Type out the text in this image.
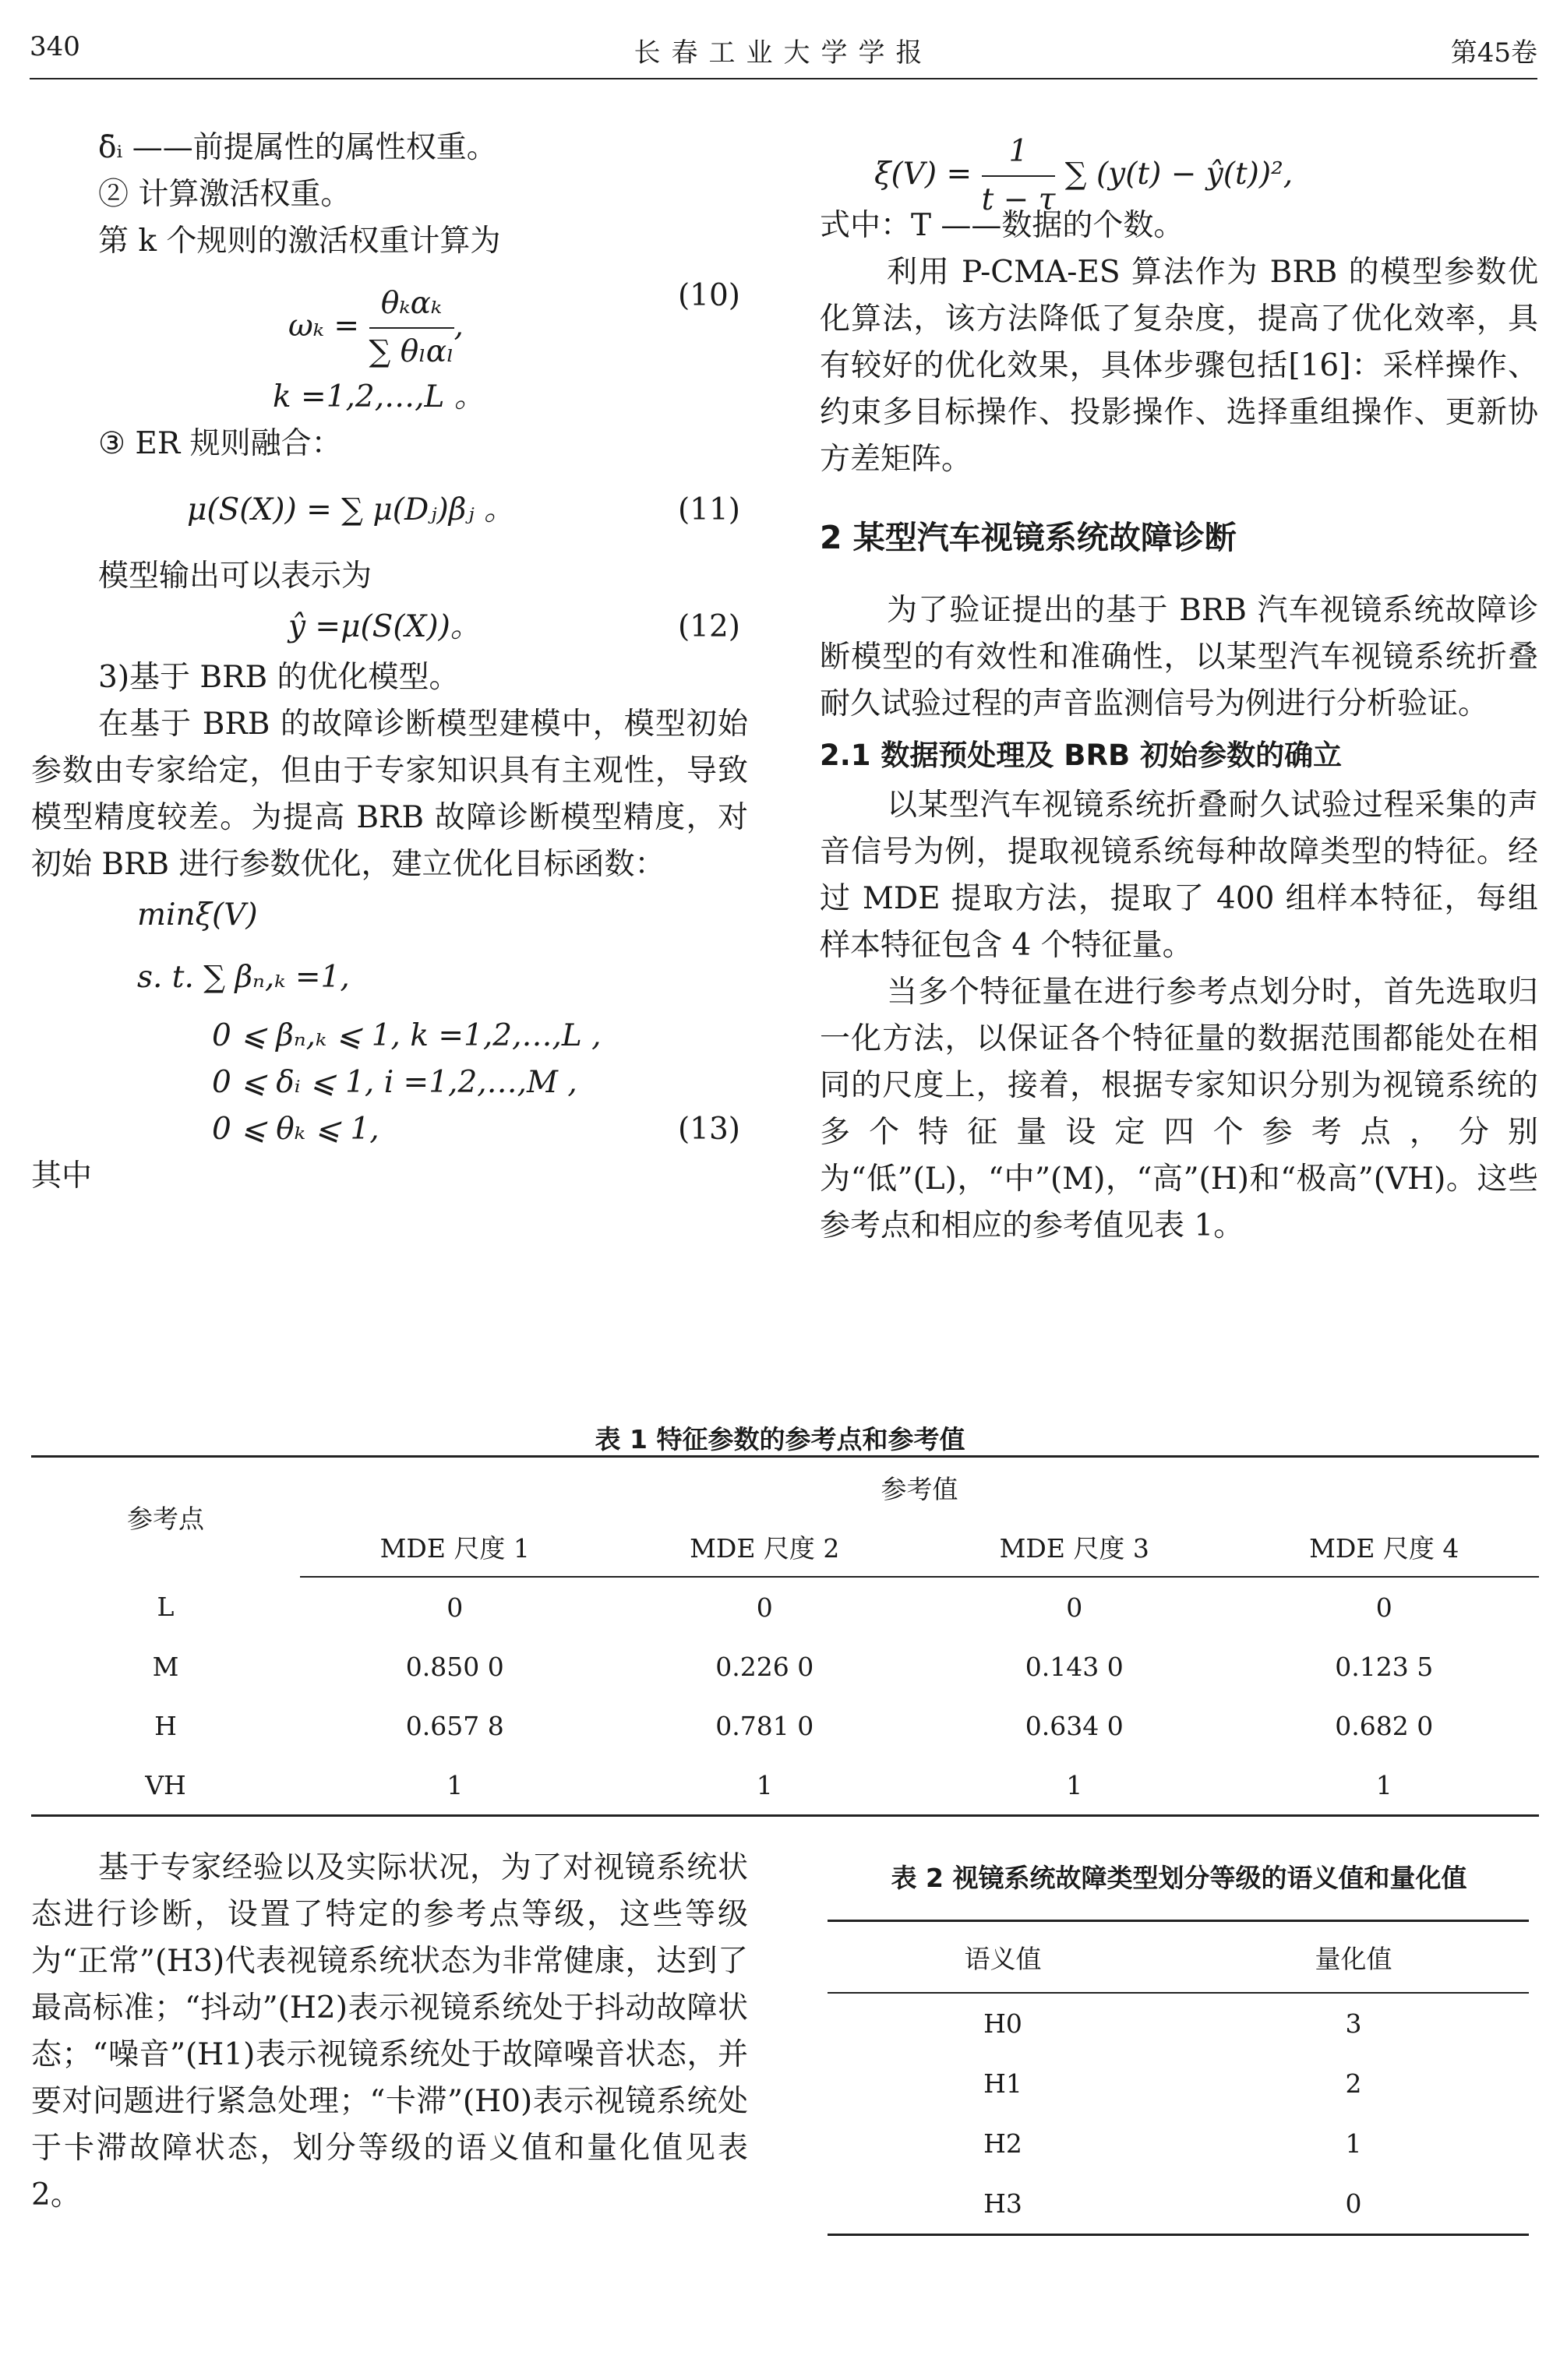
340	长春工业大学学报	第45卷

δ̄ᵢ ——前提属性的属性权重。

② 计算激活权重。

第 k 个规则的激活权重计算为

$\omega_k = \frac{\text{θₖαₖ}}{\text{∑ θₗαₗ}}$ ,
(10)

k =1,2,…,L 。

③ ER 规则融合：

μ(S(X)) = ∑ μ(Dⱼ)βⱼ 。	(11)

模型输出可以表示为

ŷ =μ(S(X))。	(12)

3)基于 BRB 的优化模型。

在基于 BRB 的故障诊断模型建模中，模型初始参数由专家给定，但由于专家知识具有主观性，导致模型精度较差。为提高 BRB 故障诊断模型精度，对初始 BRB 进行参数优化，建立优化目标函数：

minξ(V)
s. t. ∑ βₙ,ₖ =1,
0 ⩽ βₙ,ₖ ⩽ 1, k =1,2,…,L ,
0 ⩽ δᵢ ⩽ 1, i =1,2,…,M ,
0 ⩽ θₖ ⩽ 1,	(13)

其中

$\xi(V) = \frac{1}{t - \tau}$ ∑ (y(t) − ŷ(t))²,

式中：T ——数据的个数。

利用 P-CMA-ES 算法作为 BRB 的模型参数优化算法，该方法降低了复杂度，提高了优化效率，具有较好的优化效果，具体步骤包括[16]：采样操作、约束多目标操作、投影操作、选择重组操作、更新协方差矩阵。

2 某型汽车视镜系统故障诊断

为了验证提出的基于 BRB 汽车视镜系统故障诊断模型的有效性和准确性，以某型汽车视镜系统折叠耐久试验过程的声音监测信号为例进行分析验证。

2.1 数据预处理及 BRB 初始参数的确立

以某型汽车视镜系统折叠耐久试验过程采集的声音信号为例，提取视镜系统每种故障类型的特征。经过 MDE 提取方法，提取了 400 组样本特征，每组样本特征包含 4 个特征量。

当多个特征量在进行参考点划分时，首先选取归一化方法，以保证各个特征量的数据范围都能处在相同的尺度上，接着，根据专家知识分别为视镜系统的多个特征量设定四个参考点，分别为“低”(L)，“中”(M)，“高”(H)和“极高”(VH)。这些参考点和相应的参考值见表 1。

表 1 特征参数的参考点和参考值
参考点	参考值			
	MDE 尺度 1	MDE 尺度 2	MDE 尺度 3	MDE 尺度 4
L	0	0	0	0
M	0.850 0	0.226 0	0.143 0	0.123 5
H	0.657 8	0.781 0	0.634 0	0.682 0
VH	1	1	1	1

基于专家经验以及实际状况，为了对视镜系统状态进行诊断，设置了特定的参考点等级，这些等级为“正常”(H3)代表视镜系统状态为非常健康，达到了最高标准；“抖动”(H2)表示视镜系统处于抖动故障状态；“噪音”(H1)表示视镜系统处于故障噪音状态，并要对问题进行紧急处理；“卡滞”(H0)表示视镜系统处于卡滞故障状态，划分等级的语义值和量化值见表 2。

表 2 视镜系统故障类型划分等级的语义值和量化值
语义值	量化值
H0	3
H1	2
H2	1
H3	0
